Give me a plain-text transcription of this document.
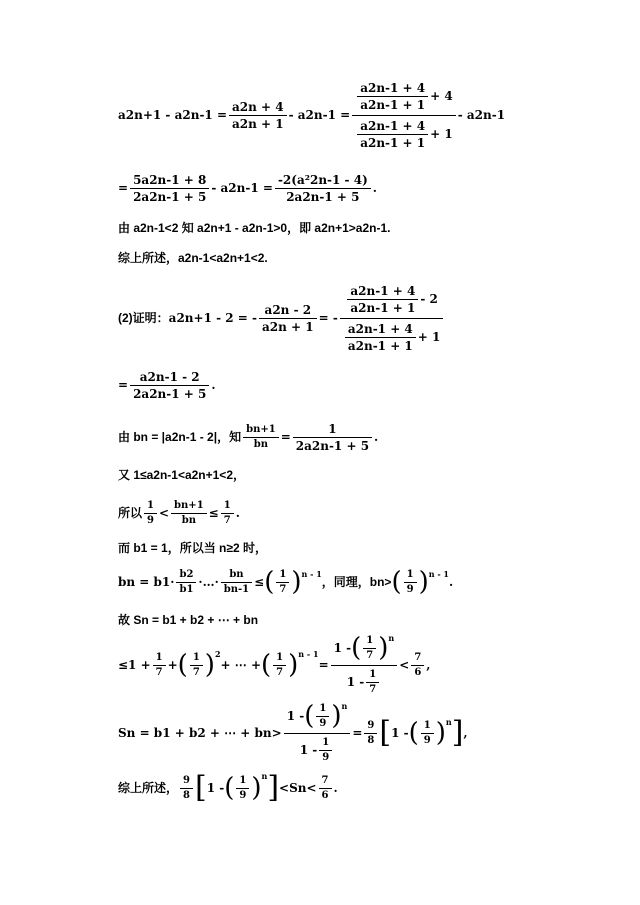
$a2n+1 - a2n-1 = \frac{a2n + 4}{a2n + 1} - a2n-1 = \frac{\frac{a2n-1 + 4}{a2n-1 + 1} + 4}{\frac{a2n-1 + 4}{a2n-1 + 1} + 1} - a2n-1$
= $\frac{5a2n-1 + 8}{2a2n-1 + 5} - a2n-1 = \frac{\text{-2(a²2n-1 - 4)}}{2a2n-1 + 5}$ .
由 a2n-1<2 知 a2n+1 - a2n-1>0，即 a2n+1>a2n-1.
综上所述，a2n-1<a2n+1<2.
(2)证明： a2n+1 - 2 = - $\frac{a2n - 2}{a2n + 1}$ = - $\frac{\frac{a2n-1 + 4}{a2n-1 + 1} - 2}{\frac{a2n-1 + 4}{a2n-1 + 1} + 1}$
= $\frac{a2n-1 - 2}{2a2n-1 + 5}$ .
由 bn = |a2n-1 - 2|，知 $\frac{bn+1}{bn} = \frac{1}{2a2n-1 + 5}$ .
又 1≤a2n-1<a2n+1<2，
所以 $\frac{1}{9} < \frac{bn+1}{bn} \le \frac{1}{7}$ .
而 b1 = 1，所以当 n≥2 时，
bn = $b1\cdot \frac{b2}{b1}$ ·…· $\frac{bn}{bn-1}$ ≤ ( $\frac{1}{7} )^{n - 1}$
，同理，bn> ( $\frac{1}{9} )^{n - 1}$
.
故 Sn = b1 + b2 + ⋯ + bn
$\le 1 + \frac{1}{7}$ + ( $\frac{1}{7} )^2$
+ ⋯ + ( $\frac{1}{7} )^{n - 1}$
=
1 - ( $\frac{1}{7} )^n$
$1 - \frac{1}{7}$
< $\frac{7}{6}$ ,
Sn = b1 + b2 + ⋯ + bn>
1 - ( $\frac{1}{9} )^n$
$1 - \frac{1}{9}$
= $\frac{9}{8}$ [ 1 - ( $\frac{1}{9} )^n$ ] ,
综上所述， $\frac{9}{8}$ [ 1 - ( $\frac{1}{9} )^n$ ] $<Sn< \frac{7}{6}$ .
